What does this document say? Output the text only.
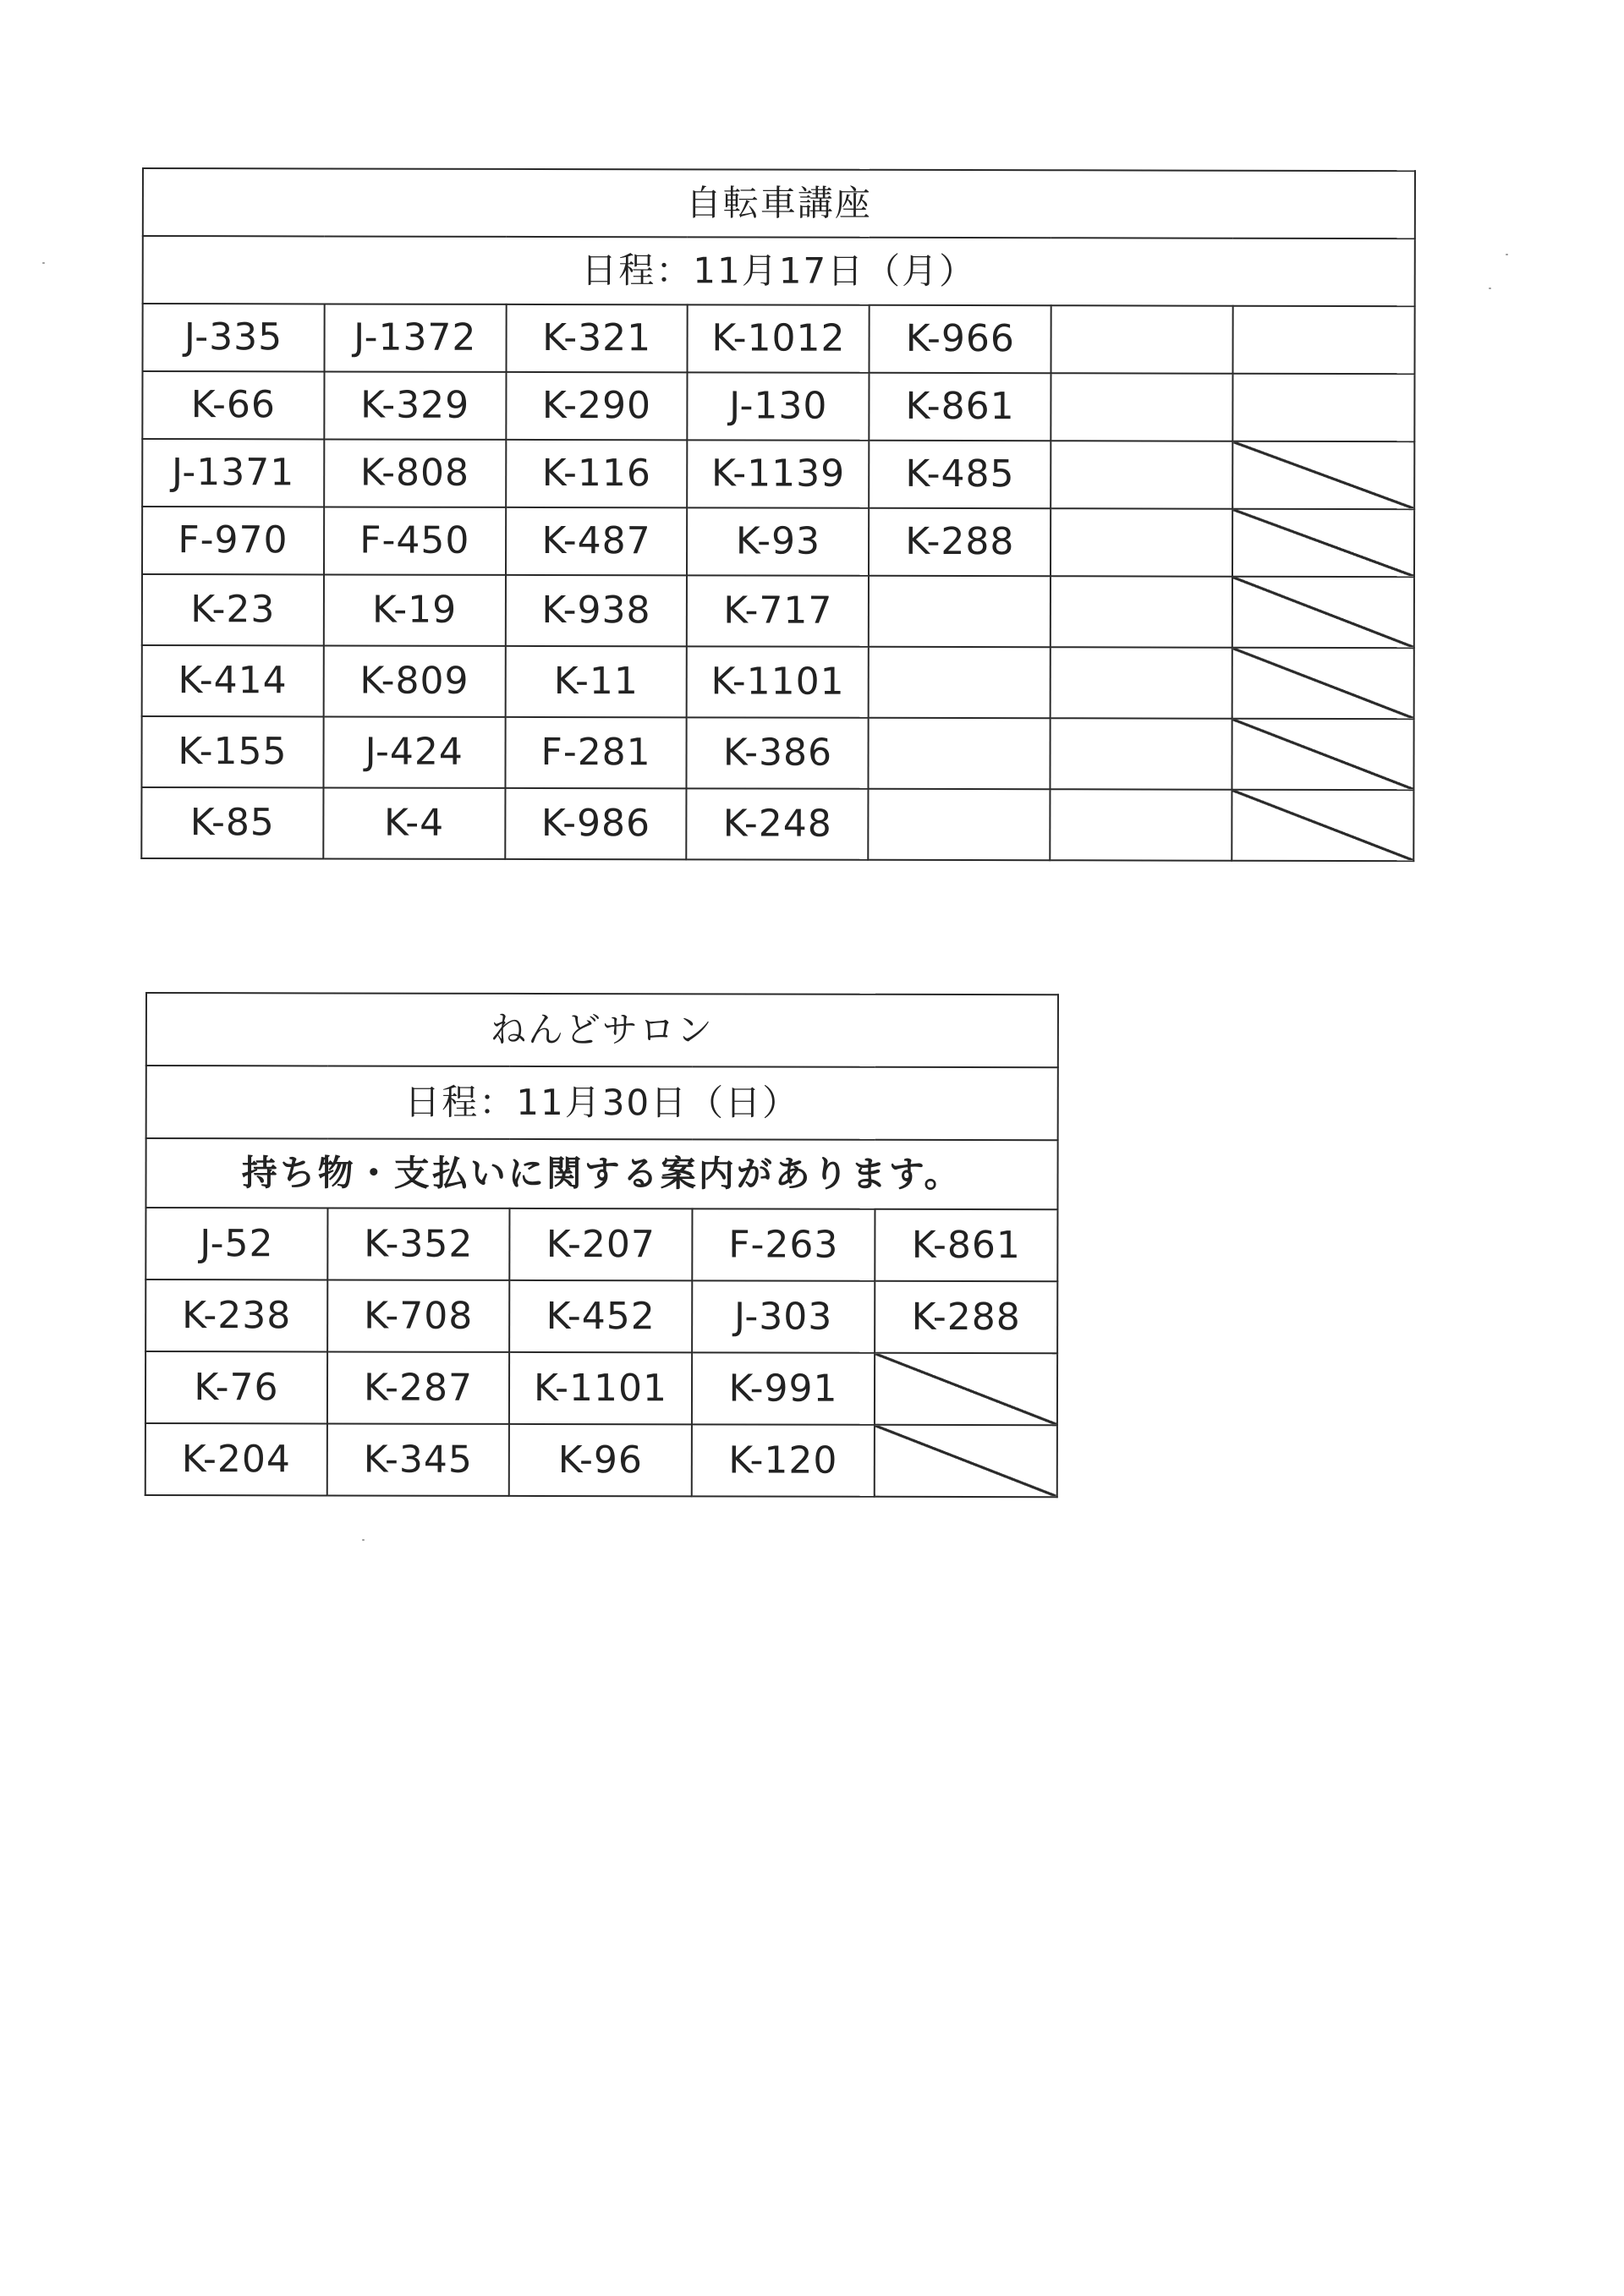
自転車講座						
日程：11月17日（月）						
J-335	J-1372	K-321	K-1012	K-966		
K-66	K-329	K-290	J-130	K-861		
J-1371	K-808	K-116	K-1139	K-485		
F-970	F-450	K-487	K-93	K-288		
K-23	K-19	K-938	K-717			
K-414	K-809	K-11	K-1101			
K-155	J-424	F-281	K-386			
K-85	K-4	K-986	K-248			
ねんどサロン				
日程：11月30日（日）				
持ち物・支払いに関する案内があります。				
J-52	K-352	K-207	F-263	K-861
K-238	K-708	K-452	J-303	K-288
K-76	K-287	K-1101	K-991	
K-204	K-345	K-96	K-120	
